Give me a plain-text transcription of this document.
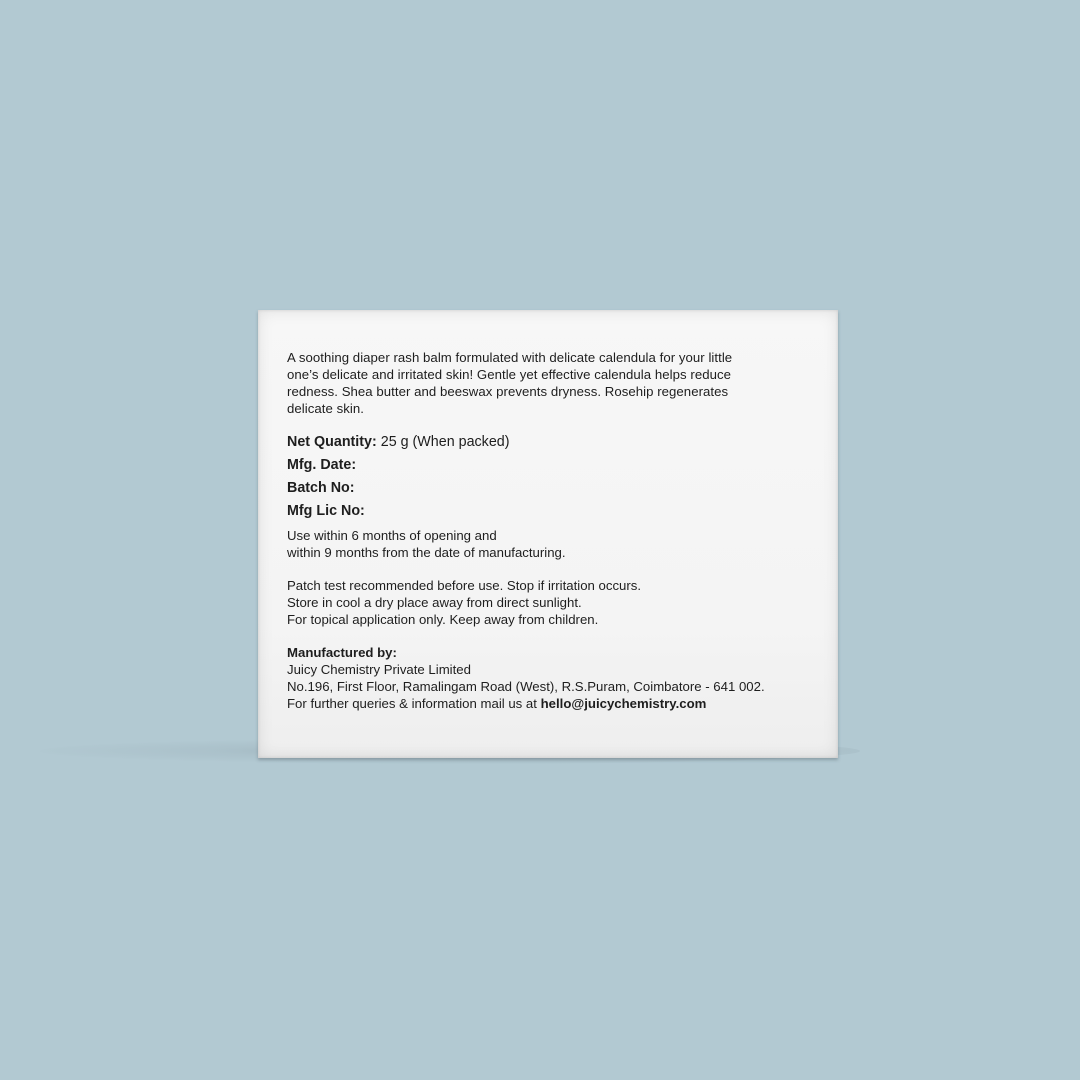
A soothing diaper rash balm formulated with delicate calendula for your little
one’s delicate and irritated skin! Gentle yet effective calendula helps reduce
redness. Shea butter and beeswax prevents dryness. Rosehip regenerates
delicate skin.

Net Quantity: 25 g (When packed)

Mfg. Date:

Batch No:

Mfg Lic No:

Use within 6 months of opening and
within 9 months from the date of manufacturing.
Patch test recommended before use. Stop if irritation occurs.
Store in cool a dry place away from direct sunlight.
For topical application only. Keep away from children.
Manufactured by:
Juicy Chemistry Private Limited
No.196, First Floor, Ramalingam Road (West), R.S.Puram, Coimbatore - 641 002.
For further queries & information mail us at hello@juicychemistry.com
